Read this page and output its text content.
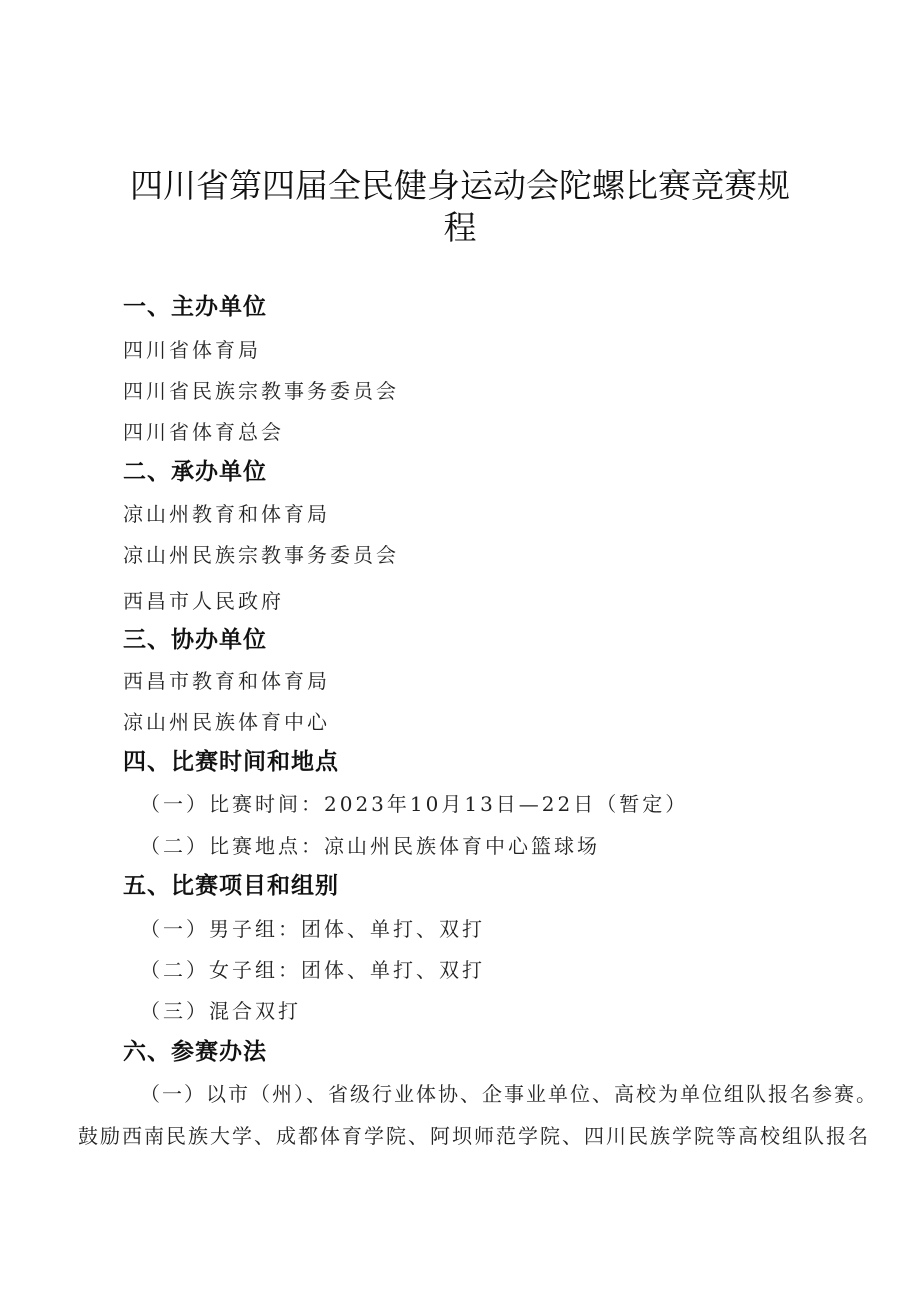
四川省第四届全民健身运动会陀螺比赛竞赛规
程
一、主办单位
四川省体育局
四川省民族宗教事务委员会
四川省体育总会
二、承办单位
凉山州教育和体育局
凉山州民族宗教事务委员会
西昌市人民政府
三、协办单位
西昌市教育和体育局
凉山州民族体育中心
四、比赛时间和地点
（一）比赛时间：2023年10月13日—22日（暂定）
（二）比赛地点：凉山州民族体育中心篮球场
五、比赛项目和组别
（一）男子组：团体、单打、双打
（二）女子组：团体、单打、双打
（三）混合双打
六、参赛办法
（一）以市（州）、省级行业体协、企事业单位、高校为单位组队报名参赛。
鼓励西南民族大学、成都体育学院、阿坝师范学院、四川民族学院等高校组队报名
